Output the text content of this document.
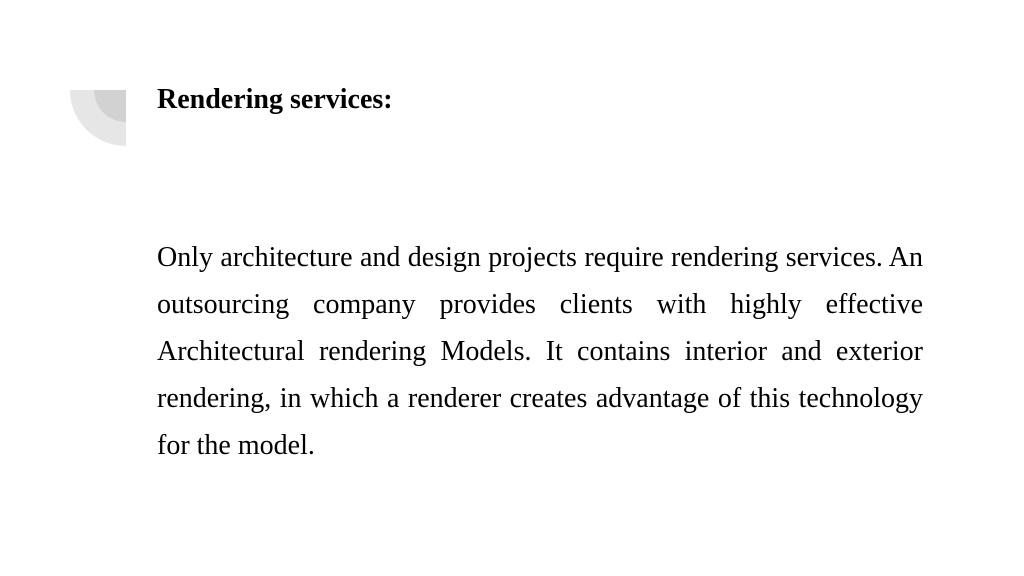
Rendering services:

Only architecture and design projects require rendering services. An outsourcing company provides clients with highly effective Architectural rendering Models. It contains interior and exterior rendering, in which a renderer creates advantage of this technology for the model.
